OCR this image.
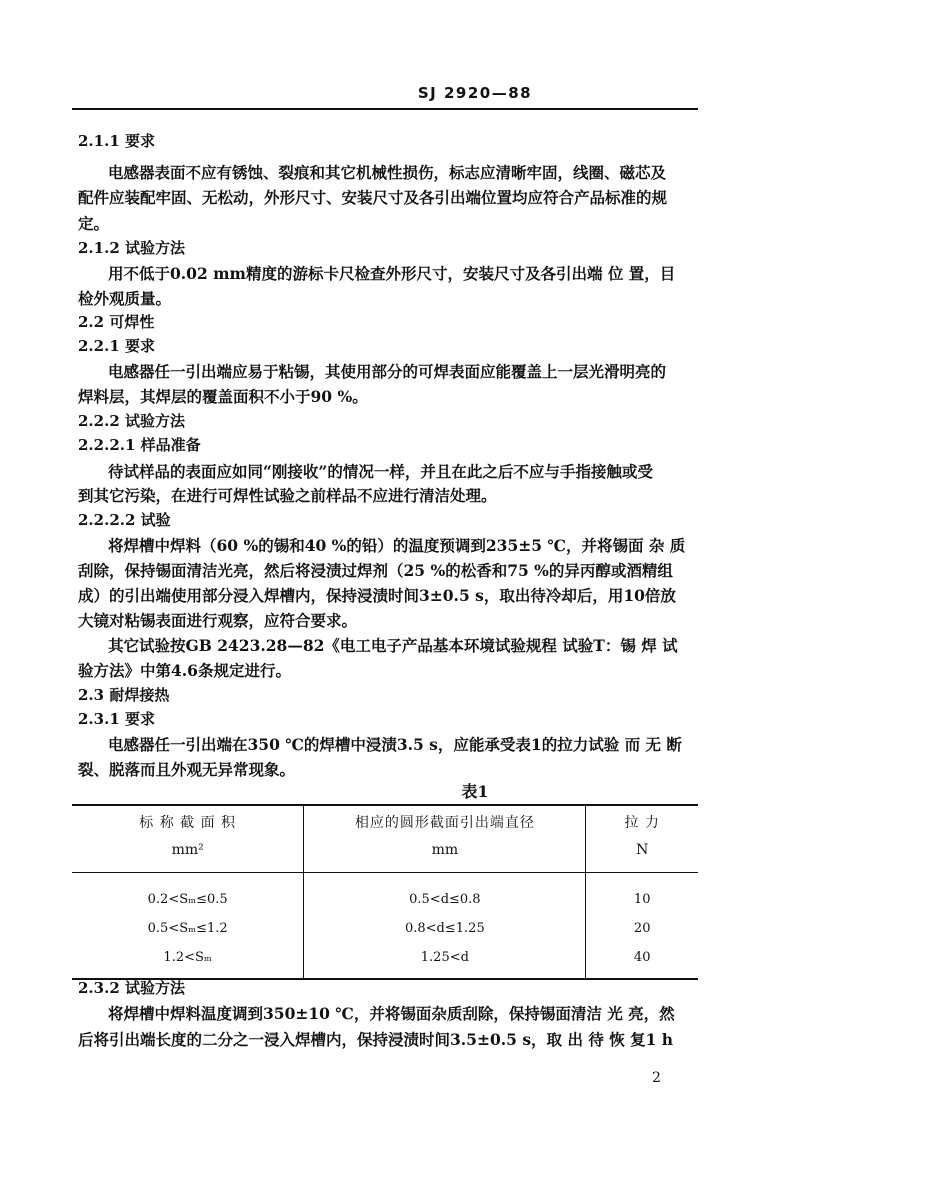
SJ 2920—88
2.1.1 要求
电感器表面不应有锈蚀、裂痕和其它机械性损伤，标志应清晰牢固，线圈、磁芯及
配件应装配牢固、无松动，外形尺寸、安装尺寸及各引出端位置均应符合产品标准的规
定。
2.1.2 试验方法
用不低于0.02 mm精度的游标卡尺检查外形尺寸，安装尺寸及各引出端 位 置，目
检外观质量。
2.2 可焊性
2.2.1 要求
电感器任一引出端应易于粘锡，其使用部分的可焊表面应能覆盖上一层光滑明亮的
焊料层，其焊层的覆盖面积不小于90 %。
2.2.2 试验方法
2.2.2.1 样品准备
待试样品的表面应如同“刚接收”的情况一样，并且在此之后不应与手指接触或受
到其它污染，在进行可焊性试验之前样品不应进行清洁处理。
2.2.2.2 试验
将焊槽中焊料（60 %的锡和40 %的铅）的温度预调到235±5 ℃，并将锡面 杂 质
刮除，保持锡面清洁光亮，然后将浸渍过焊剂（25 %的松香和75 %的异丙醇或酒精组
成）的引出端使用部分浸入焊槽内，保持浸渍时间3±0.5 s，取出待冷却后，用10倍放
大镜对粘锡表面进行观察，应符合要求。
其它试验按GB 2423.28—82《电工电子产品基本环境试验规程 试验T：锡 焊 试
验方法》中第4.6条规定进行。
2.3 耐焊接热
2.3.1 要求
电感器任一引出端在350 ℃的焊槽中浸渍3.5 s，应能承受表1的拉力试验 而 无 断
裂、脱落而且外观无异常现象。
表1
标 称 截 面 积	相应的圆形截面引出端直径	拉 力
mm²	mm	N
0.2<Sₘ≤0.5	0.5<d≤0.8	10
0.5<Sₘ≤1.2	0.8<d≤1.25	20
1.2<Sₘ	1.25<d	40
2.3.2 试验方法
将焊槽中焊料温度调到350±10 ℃，并将锡面杂质刮除，保持锡面清洁 光 亮，然
后将引出端长度的二分之一浸入焊槽内，保持浸渍时间3.5±0.5 s，取 出 待 恢 复1 h
2
